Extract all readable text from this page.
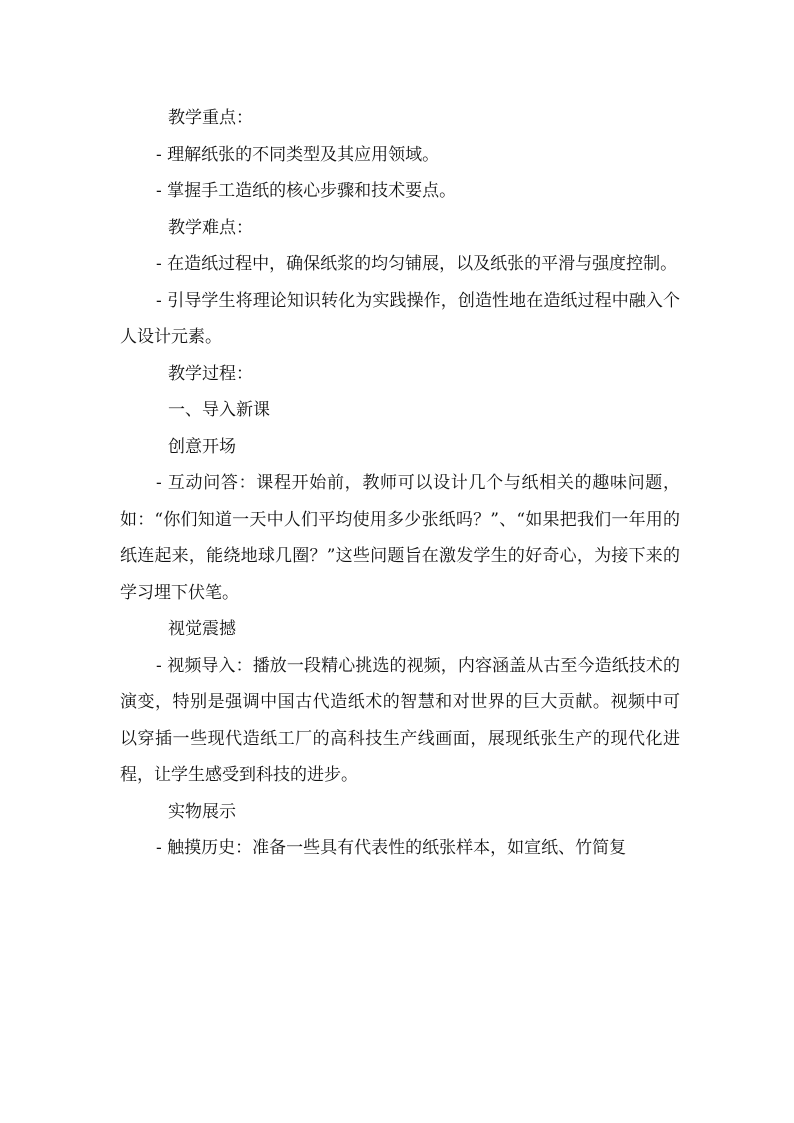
教学重点：

- 理解纸张的不同类型及其应用领域。

- 掌握手工造纸的核心步骤和技术要点。

教学难点：

- 在造纸过程中，确保纸浆的均匀铺展，以及纸张的平滑与强度控制。

- 引导学生将理论知识转化为实践操作，创造性地在造纸过程中融入个人设计元素。

教学过程：

一、导入新课

创意开场

- 互动问答：课程开始前，教师可以设计几个与纸相关的趣味问题，如：“你们知道一天中人们平均使用多少张纸吗？”、“如果把我们一年用的纸连起来，能绕地球几圈？”这些问题旨在激发学生的好奇心，为接下来的学习埋下伏笔。

视觉震撼

- 视频导入：播放一段精心挑选的视频，内容涵盖从古至今造纸技术的演变，特别是强调中国古代造纸术的智慧和对世界的巨大贡献。视频中可以穿插一些现代造纸工厂的高科技生产线画面，展现纸张生产的现代化进程，让学生感受到科技的进步。

实物展示

- 触摸历史：准备一些具有代表性的纸张样本，如宣纸、竹简复
